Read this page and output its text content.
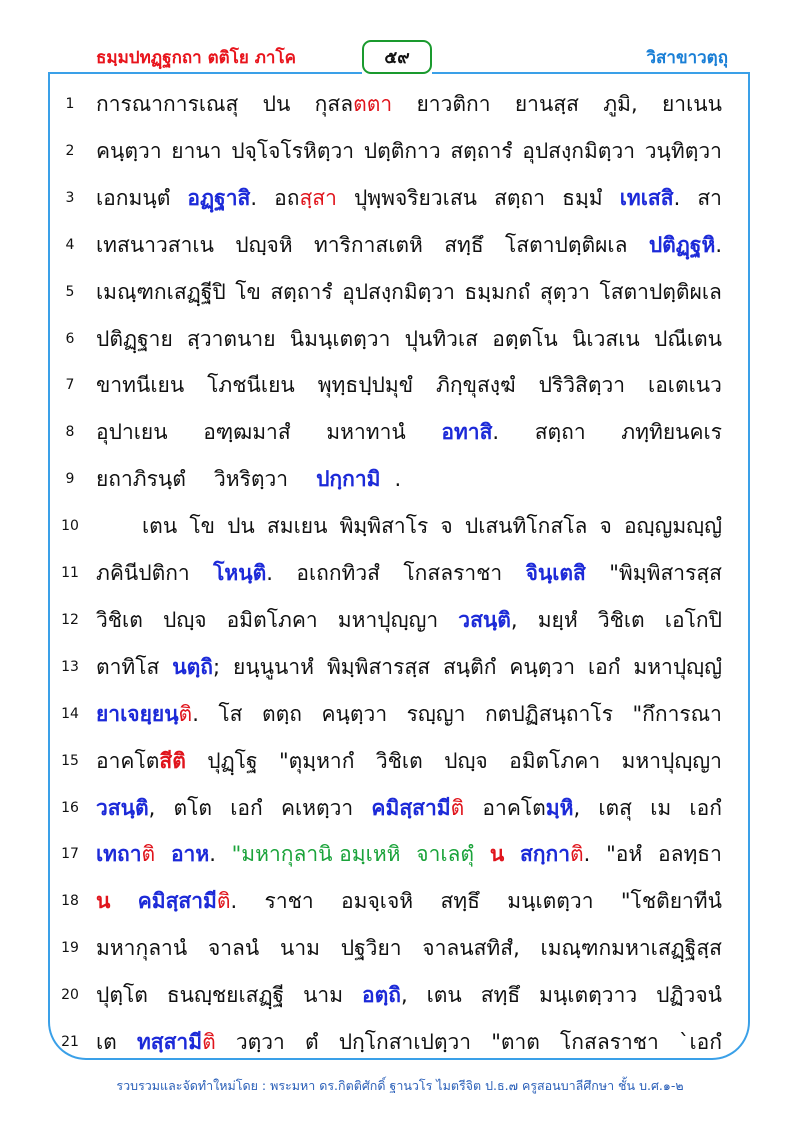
ธมฺมปทฏฺฐกถา ตติโย ภาโค	๕๙	วิสาขาวตฺถุ
1	การณาการเณสุ ปน กุสลตตา ยาวติกา ยานสฺส ภูมิ, ยาเนน
2	คนฺตฺวา ยานา ปจฺโจโรหิตฺวา ปตฺติกาว สตฺถารํ อุปสงฺกมิตฺวา วนฺทิตฺวา
3	เอกมนฺตํ อฏฺฐาสิ. อถสฺสา ปุพฺพจริยวเสน สตฺถา ธมฺมํ เทเสสิ. สา
4	เทสนาวสาเน ปญฺจหิ ทาริกาสเตหิ สทฺธึ โสตาปตฺติผเล ปติฏฺฐหิ.
5	เมณฺฑกเสฏฺฐีปิ โข สตฺถารํ อุปสงฺกมิตฺวา ธมฺมกถํ สุตฺวา โสตาปตฺติผเล
6	ปติฏฺฐาย สฺวาตนาย นิมนฺเตตฺวา ปุนทิวเส อตฺตโน นิเวสเน ปณีเตน
7	ขาทนีเยน โภชนีเยน พุทฺธปฺปมุขํ ภิกฺขุสงฺฆํ ปริวิสิตฺวา เอเตเนว
8	อุปาเยน อฑฺฒมาสํ มหาทานํ อทาสิ. สตฺถา ภทฺทิยนคเร
9	ยถาภิรนฺตํ	วิหริตฺวา	ปกฺกามิ .
10	เตน โข ปน สมเยน พิมฺพิสาโร จ ปเสนทิโกสโล จ อญฺญมญฺญํ
11 ภคินีปติกา โหนฺติ. อเถกทิวสํ โกสลราชา จินฺเตสิ "พิมฺพิสารสฺส
12 วิชิเต ปญฺจ อมิตโภคา มหาปุญฺญา วสนฺติ, มยฺหํ วิชิเต เอโกปิ
13 ตาทิโส นตฺถิ; ยนฺนูนาหํ พิมฺพิสารสฺส สนฺติกํ คนฺตฺวา เอกํ มหาปุญฺญํ
14 ยาเจยฺยนฺติ. โส ตตฺถ คนฺตฺวา รญฺญา กตปฏิสนฺถาโร "กึการณา
15 อาคโตสีติ ปุฏฺโฐ "ตุมฺหากํ วิชิเต ปญฺจ อมิตโภคา มหาปุญฺญา
16 วสนฺติ, ตโต เอกํ คเหตฺวา คมิสฺสามีติ อาคโตมฺหิ, เตสุ เม เอกํ
17 เทถาติ อาห. "มหากุลานิ อมฺเหหิ จาเลตุํ น สกฺกาติ. "อหํ อลทฺธา
18 น คมิสฺสามีติ. ราชา อมจฺเจหิ สทฺธึ มนฺเตตฺวา "โชติยาทีนํ
19 มหากุลานํ จาลนํ นาม ปฐวิยา จาลนสทิสํ, เมณฺฑกมหาเสฏฺฐิสฺส
20 ปุตฺโต ธนญฺชยเสฏฺฐี นาม อตฺถิ, เตน สทฺธึ มนฺเตตฺวาว ปฏิวจนํ
21 เต ทสฺสามีติ วตฺวา ตํ ปกฺโกสาเปตฺวา "ตาต โกสลราชา `เอกํ
รวบรวมและจัดทำใหม่โดย : พระมหา ดร.กิตติศักดิ์ ฐานวโร ไมตรีจิต ป.ธ.๗ ครูสอนบาลีศึกษา ชั้น บ.ศ.๑-๒
